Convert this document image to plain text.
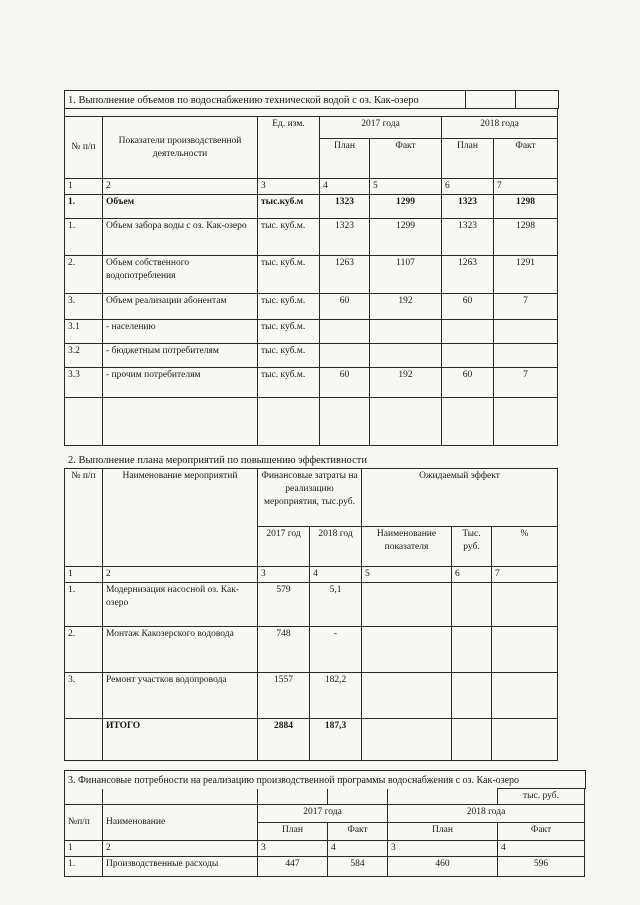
1. Выполнение объемов по водоснабжению технической водой с оз. Как-озеро

№ п/п	Показатели производственной деятельности	Ед. изм.	2017 года		2018 года	
			План	Факт	План	Факт
1	2	3	4	5	6	7
1.	Объем	тыс.куб.м	1323	1299	1323	1298
1.	Объем забора воды с оз. Как-озеро	тыс. куб.м.	1323	1299	1323	1298
2.	Объем собственного водопотребления	тыс. куб.м.	1263	1107	1263	1291
3.	Объем реализации абонентам	тыс. куб.м.	60	192	60	7
3.1	- населению	тыс. куб.м.				
3.2	- бюджетным потребителям	тыс. куб.м.				
3.3	- прочим потребителям	тыс. куб.м.	60	192	60	7

2. Выполнение плана мероприятий по повышению эффективности
№ п/п	Наименование мероприятий	Финансовые затраты на реализацию мероприятия, тыс.руб.		Ожидаемый эффект		
		2017 год	2018 год	Наименование показателя	Тыс. руб.	%
1	2	3	4	5	6	7
1.	Модернизация насосной оз. Как-озеро	579	5,1			
2.	Монтаж Какозерского водовода	748	-			
3.	Ремонт участков водопровода	1557	182,2			
	ИТОГО	2884	187,3			
3. Финансовые потребности на реализацию производственной программы водоснабжения с оз. Как-озеро
					тыс. руб.
№п/п	Наименование	2017 года		2018 года	
		План	Факт	План	Факт
1	2	3	4	3	4
1.	Производственные расходы	447	584	460	596
